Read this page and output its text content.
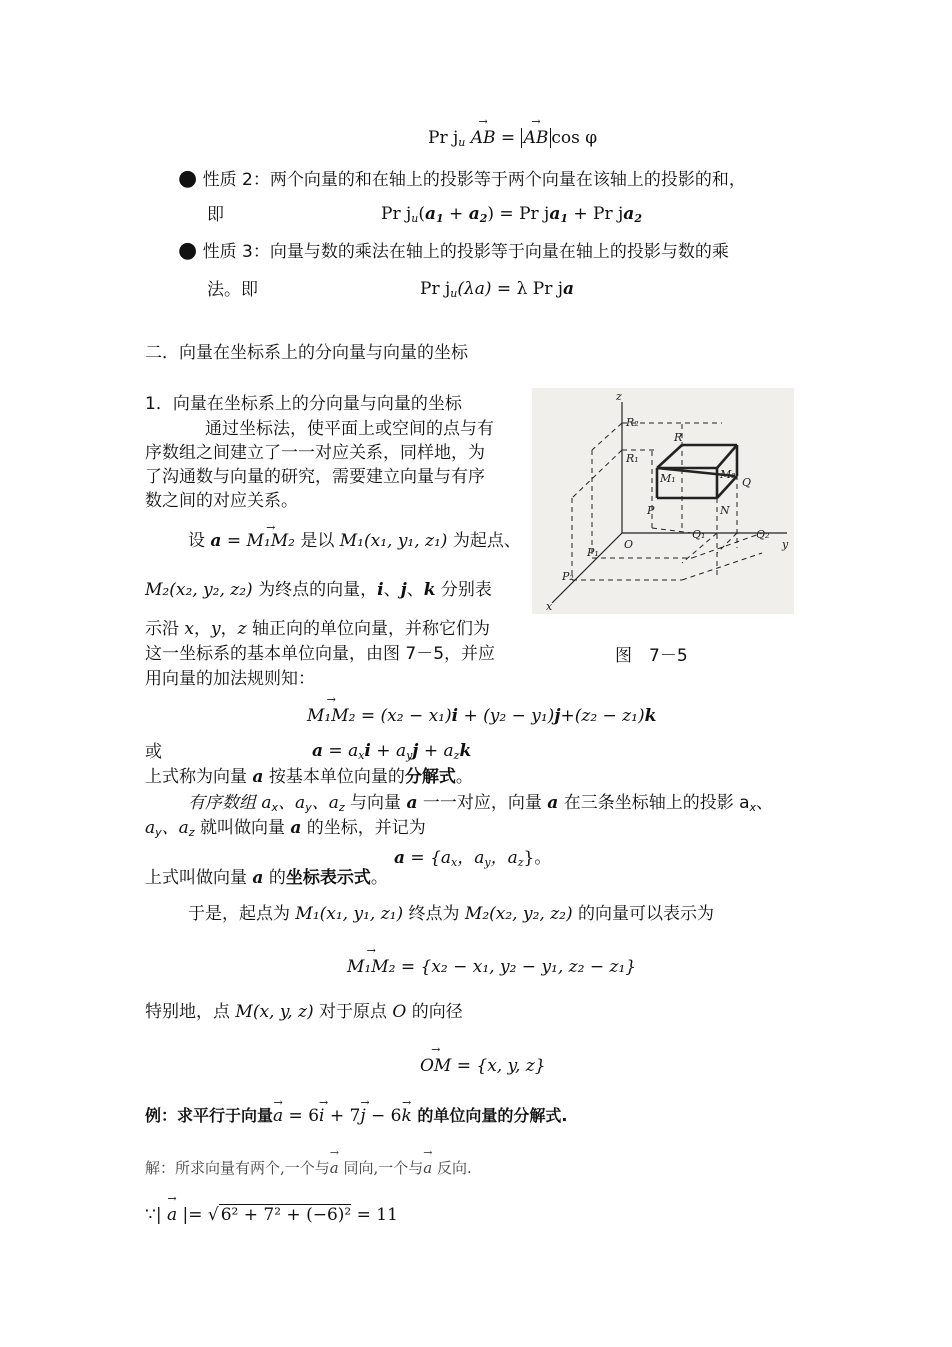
Pr $j_u$ AB → = AB → cos φ
● 性质 2：两个向量的和在轴上的投影等于两个向量在该轴上的投影的和，
即	Pr $j_u(a_1 + a_2) = Pr$ $ja_1 + Pr$ $ja_2$
● 性质 3：向量与数的乘法在轴上的投影等于向量在轴上的投影与数的乘
法。即	Pr $j_u(\lambda a) = \lambda$ Pr ja
二．向量在坐标系上的分向量与向量的坐标
1．向量在坐标系上的分向量与向量的坐标
通过坐标法，使平面上或空间的点与有
序数组之间建立了一一对应关系，同样地，为
了沟通数与向量的研究，需要建立向量与有序
数之间的对应关系。
设 a = M₁M₂ → 是以 M₁(x₁, y₁, z₁) 为起点、
M₂(x₂, y₂, z₂) 为终点的向量，i、j、k 分别表
示沿 x，y，z 轴正向的单位向量，并称它们为
这一坐标系的基本单位向量，由图 7－5，并应
用向量的加法规则知：
z
R₂
R₁
R
M₁	M₂
Q
P	N
Q₁	Q₂
O
P₁
P₂
y
x
图　7－5
M₁M₂ → = (x₂ − x₁)i + (y₂ − y₁)j+(z₂ − z₁)k
或	$a = a_xi + a_yj + a_zk$
上式称为向量 a 按基本单位向量的分解式。
有序数组 $a_x$、$a_y$、$a_z$ 与向量 a 一一对应，向量 a 在三条坐标轴上的投影 $a_x$、
$a_y$、$a_z$ 就叫做向量 a 的坐标，并记为
$a = \{a_x$，$a_y$，$a_z$}。
上式叫做向量 a 的坐标表示式。
于是，起点为 M₁(x₁, y₁, z₁) 终点为 M₂(x₂, y₂, z₂) 的向量可以表示为
M₁M₂ → = {x₂ − x₁, y₂ − y₁, z₂ − z₁}
特别地，点 M(x, y, z) 对于原点 O 的向径
OM → = {x, y, z}
例：求平行于向量a → = 6i → + 7j → − 6k → 的单位向量的分解式.
解：所求向量有两个,一个与a → 同向,一个与a → 反向.
∵| a → |= √ 6² + 7² + (−6)² = 11
